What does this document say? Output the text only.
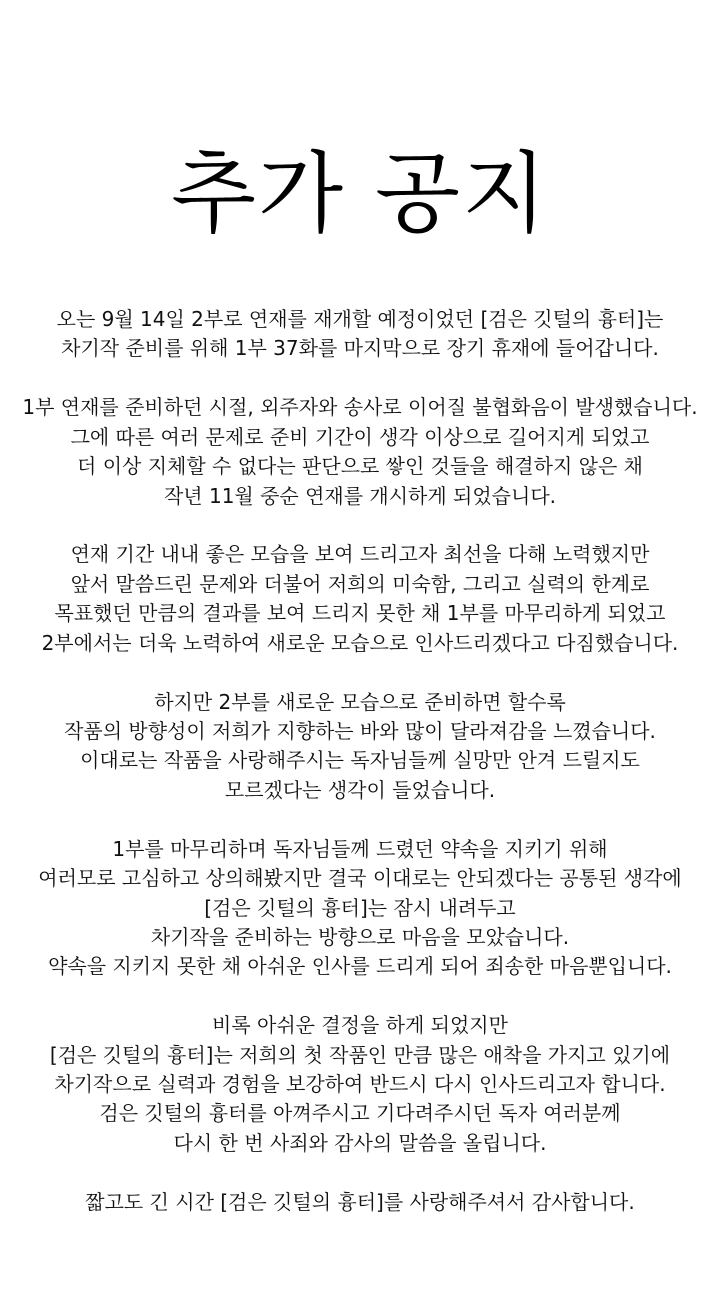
추가 공지

오는 9월 14일 2부로 연재를 재개할 예정이었던 [검은 깃털의 흉터]는
차기작 준비를 위해 1부 37화를 마지막으로 장기 휴재에 들어갑니다.

1부 연재를 준비하던 시절, 외주자와 송사로 이어질 불협화음이 발생했습니다.
그에 따른 여러 문제로 준비 기간이 생각 이상으로 길어지게 되었고
더 이상 지체할 수 없다는 판단으로 쌓인 것들을 해결하지 않은 채
작년 11월 중순 연재를 개시하게 되었습니다.

연재 기간 내내 좋은 모습을 보여 드리고자 최선을 다해 노력했지만
앞서 말씀드린 문제와 더불어 저희의 미숙함, 그리고 실력의 한계로
목표했던 만큼의 결과를 보여 드리지 못한 채 1부를 마무리하게 되었고
2부에서는 더욱 노력하여 새로운 모습으로 인사드리겠다고 다짐했습니다.

하지만 2부를 새로운 모습으로 준비하면 할수록
작품의 방향성이 저희가 지향하는 바와 많이 달라져감을 느꼈습니다.
이대로는 작품을 사랑해주시는 독자님들께 실망만 안겨 드릴지도
모르겠다는 생각이 들었습니다.

1부를 마무리하며 독자님들께 드렸던 약속을 지키기 위해
여러모로 고심하고 상의해봤지만 결국 이대로는 안되겠다는 공통된 생각에
[검은 깃털의 흉터]는 잠시 내려두고
차기작을 준비하는 방향으로 마음을 모았습니다.
약속을 지키지 못한 채 아쉬운 인사를 드리게 되어 죄송한 마음뿐입니다.

비록 아쉬운 결정을 하게 되었지만
[검은 깃털의 흉터]는 저희의 첫 작품인 만큼 많은 애착을 가지고 있기에
차기작으로 실력과 경험을 보강하여 반드시 다시 인사드리고자 합니다.
검은 깃털의 흉터를 아껴주시고 기다려주시던 독자 여러분께
다시 한 번 사죄와 감사의 말씀을 올립니다.

짧고도 긴 시간 [검은 깃털의 흉터]를 사랑해주셔서 감사합니다.
